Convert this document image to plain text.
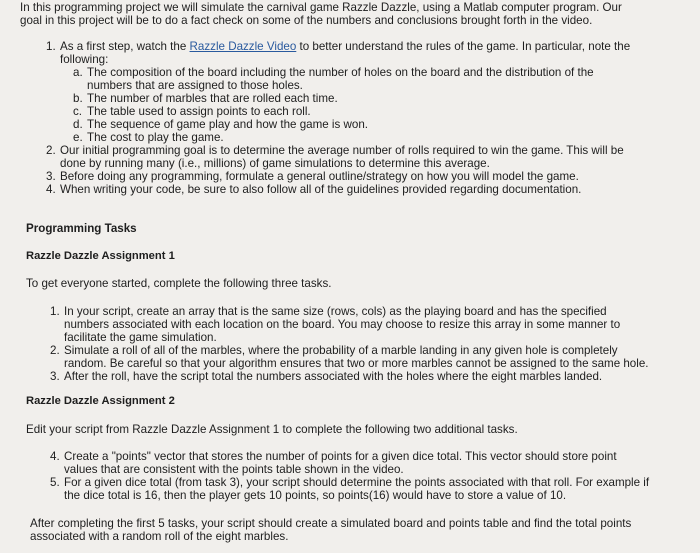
In this programming project we will simulate the carnival game Razzle Dazzle, using a Matlab computer program. Our
goal in this project will be to do a fact check on some of the numbers and conclusions brought forth in the video.
1. As a first step, watch the Razzle Dazzle Video to better understand the rules of the game. In particular, note the
following:
a. The composition of the board including the number of holes on the board and the distribution of the
numbers that are assigned to those holes.
b. The number of marbles that are rolled each time.
c. The table used to assign points to each roll.
d. The sequence of game play and how the game is won.
e. The cost to play the game.
2. Our initial programming goal is to determine the average number of rolls required to win the game. This will be
done by running many (i.e., millions) of game simulations to determine this average.
3. Before doing any programming, formulate a general outline/strategy on how you will model the game.
4. When writing your code, be sure to also follow all of the guidelines provided regarding documentation.
Programming Tasks
Razzle Dazzle Assignment 1
To get everyone started, complete the following three tasks.
1. In your script, create an array that is the same size (rows, cols) as the playing board and has the specified
numbers associated with each location on the board. You may choose to resize this array in some manner to
facilitate the game simulation.
2. Simulate a roll of all of the marbles, where the probability of a marble landing in any given hole is completely
random. Be careful so that your algorithm ensures that two or more marbles cannot be assigned to the same hole.
3. After the roll, have the script total the numbers associated with the holes where the eight marbles landed.
Razzle Dazzle Assignment 2
Edit your script from Razzle Dazzle Assignment 1 to complete the following two additional tasks.
4. Create a "points" vector that stores the number of points for a given dice total. This vector should store point
values that are consistent with the points table shown in the video.
5. For a given dice total (from task 3), your script should determine the points associated with that roll. For example if
the dice total is 16, then the player gets 10 points, so points(16) would have to store a value of 10.
After completing the first 5 tasks, your script should create a simulated board and points table and find the total points
associated with a random roll of the eight marbles.
